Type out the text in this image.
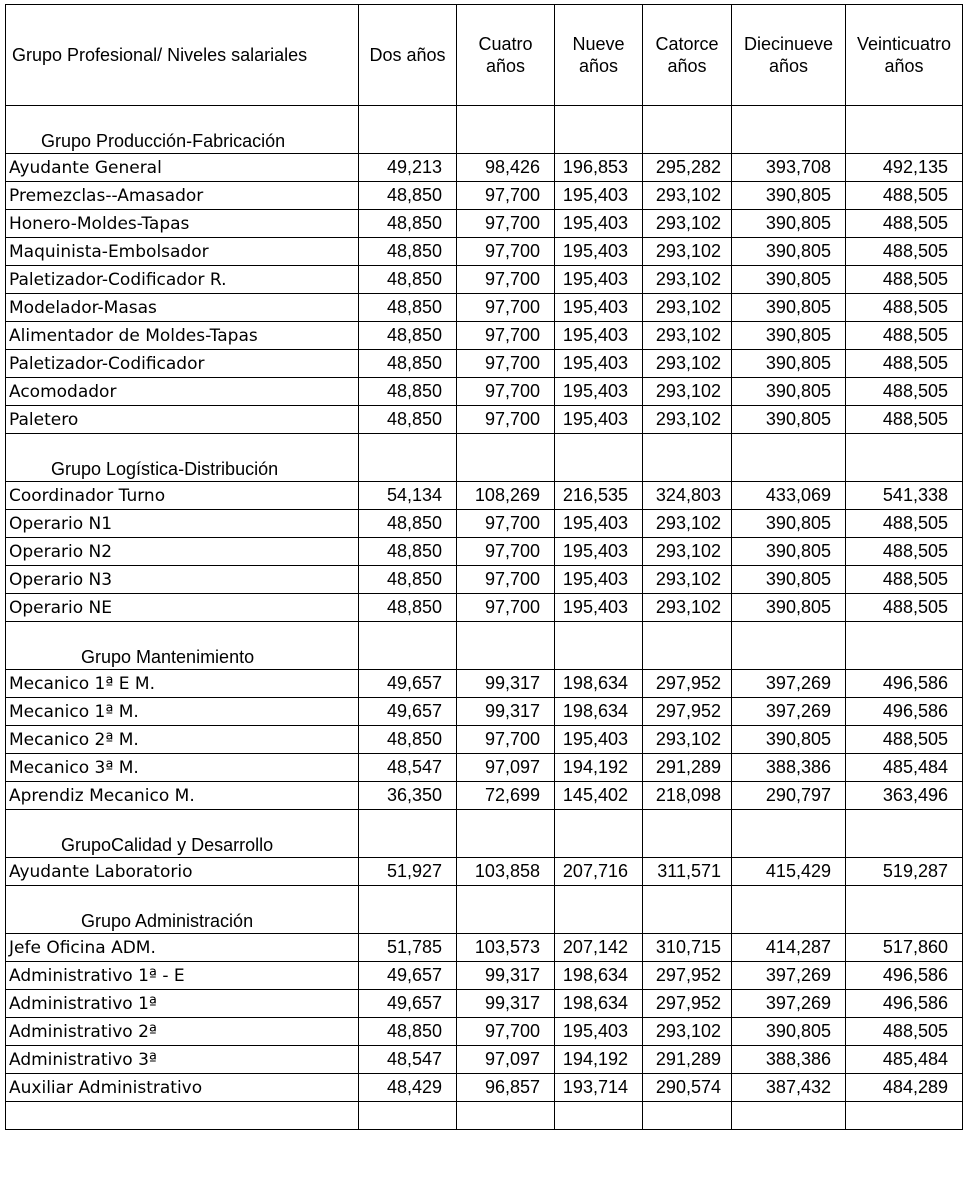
Grupo Profesional/ Niveles salariales	Dos años	Cuatro años	Nueve años	Catorce años	Diecinueve años	Veinticuatro años
Grupo Producción-Fabricación						
Ayudante General	49,213	98,426	196,853	295,282	393,708	492,135
Premezclas--Amasador	48,850	97,700	195,403	293,102	390,805	488,505
Honero-Moldes-Tapas	48,850	97,700	195,403	293,102	390,805	488,505
Maquinista-Embolsador	48,850	97,700	195,403	293,102	390,805	488,505
Paletizador-Codificador R.	48,850	97,700	195,403	293,102	390,805	488,505
Modelador-Masas	48,850	97,700	195,403	293,102	390,805	488,505
Alimentador de Moldes-Tapas	48,850	97,700	195,403	293,102	390,805	488,505
Paletizador-Codificador	48,850	97,700	195,403	293,102	390,805	488,505
Acomodador	48,850	97,700	195,403	293,102	390,805	488,505
Paletero	48,850	97,700	195,403	293,102	390,805	488,505
Grupo Logística-Distribución						
Coordinador Turno	54,134	108,269	216,535	324,803	433,069	541,338
Operario N1	48,850	97,700	195,403	293,102	390,805	488,505
Operario N2	48,850	97,700	195,403	293,102	390,805	488,505
Operario N3	48,850	97,700	195,403	293,102	390,805	488,505
Operario NE	48,850	97,700	195,403	293,102	390,805	488,505
Grupo Mantenimiento						
Mecanico 1ª E M.	49,657	99,317	198,634	297,952	397,269	496,586
Mecanico 1ª M.	49,657	99,317	198,634	297,952	397,269	496,586
Mecanico 2ª M.	48,850	97,700	195,403	293,102	390,805	488,505
Mecanico 3ª M.	48,547	97,097	194,192	291,289	388,386	485,484
Aprendiz Mecanico M.	36,350	72,699	145,402	218,098	290,797	363,496
GrupoCalidad y Desarrollo						
Ayudante Laboratorio	51,927	103,858	207,716	311,571	415,429	519,287
Grupo Administración						
Jefe Oficina ADM.	51,785	103,573	207,142	310,715	414,287	517,860
Administrativo 1ª - E	49,657	99,317	198,634	297,952	397,269	496,586
Administrativo 1ª	49,657	99,317	198,634	297,952	397,269	496,586
Administrativo 2ª	48,850	97,700	195,403	293,102	390,805	488,505
Administrativo 3ª	48,547	97,097	194,192	291,289	388,386	485,484
Auxiliar Administrativo	48,429	96,857	193,714	290,574	387,432	484,289
